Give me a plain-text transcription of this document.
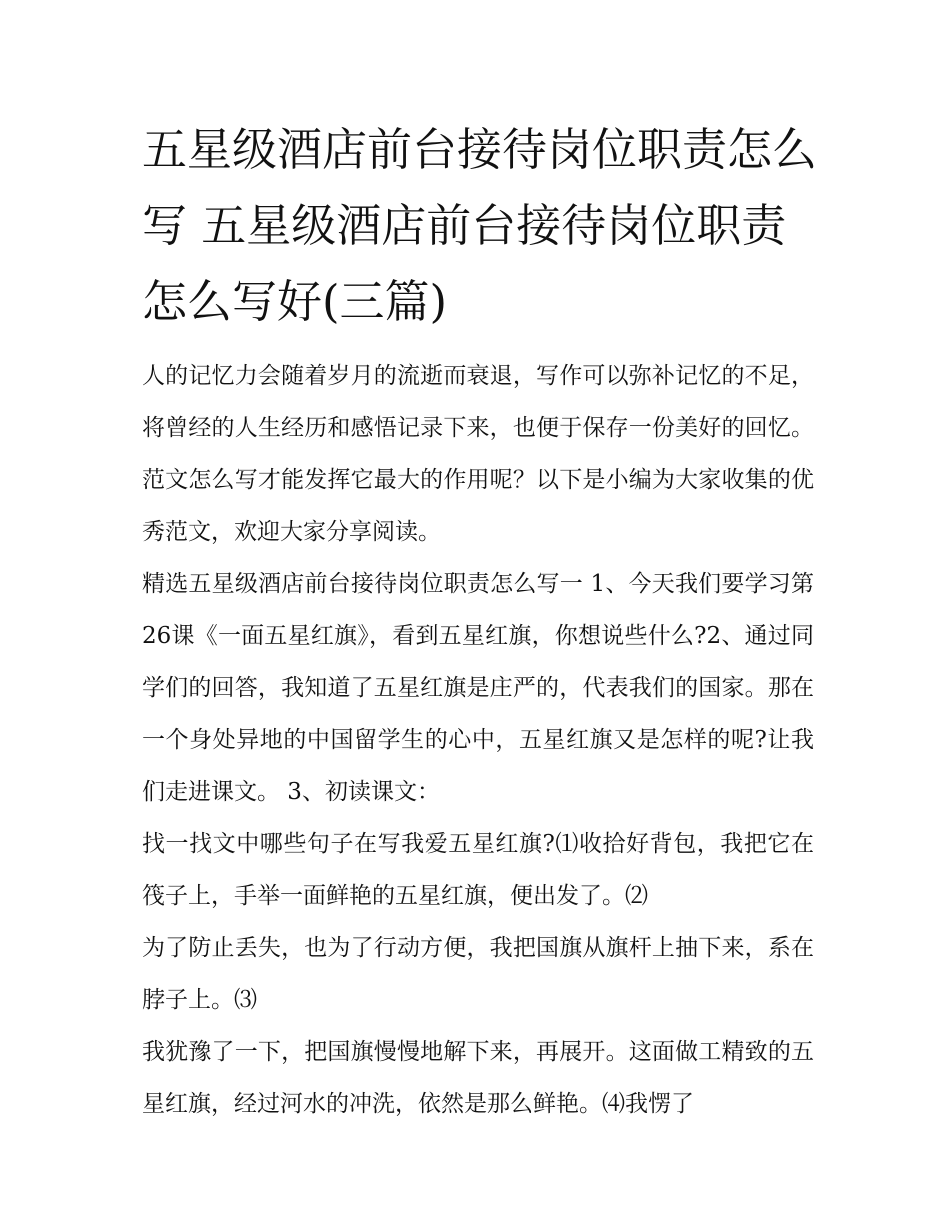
五星级酒店前台接待岗位职责怎么写 五星级酒店前台接待岗位职责怎么写好(三篇)

人的记忆力会随着岁月的流逝而衰退，写作可以弥补记忆的不足，将曾经的人生经历和感悟记录下来，也便于保存一份美好的回忆。范文怎么写才能发挥它最大的作用呢？以下是小编为大家收集的优秀范文，欢迎大家分享阅读。

精选五星级酒店前台接待岗位职责怎么写一 1、今天我们要学习第26课《一面五星红旗》，看到五星红旗，你想说些什么?2、通过同学们的回答，我知道了五星红旗是庄严的，代表我们的国家。那在一个身处异地的中国留学生的心中，五星红旗又是怎样的呢?让我们走进课文。 3、初读课文：

找一找文中哪些句子在写我爱五星红旗?⑴收拾好背包，我把它在筏子上，手举一面鲜艳的五星红旗，便出发了。⑵

为了防止丢失，也为了行动方便，我把国旗从旗杆上抽下来，系在脖子上。⑶

我犹豫了一下，把国旗慢慢地解下来，再展开。这面做工精致的五星红旗，经过河水的冲洗，依然是那么鲜艳。⑷我愣了
